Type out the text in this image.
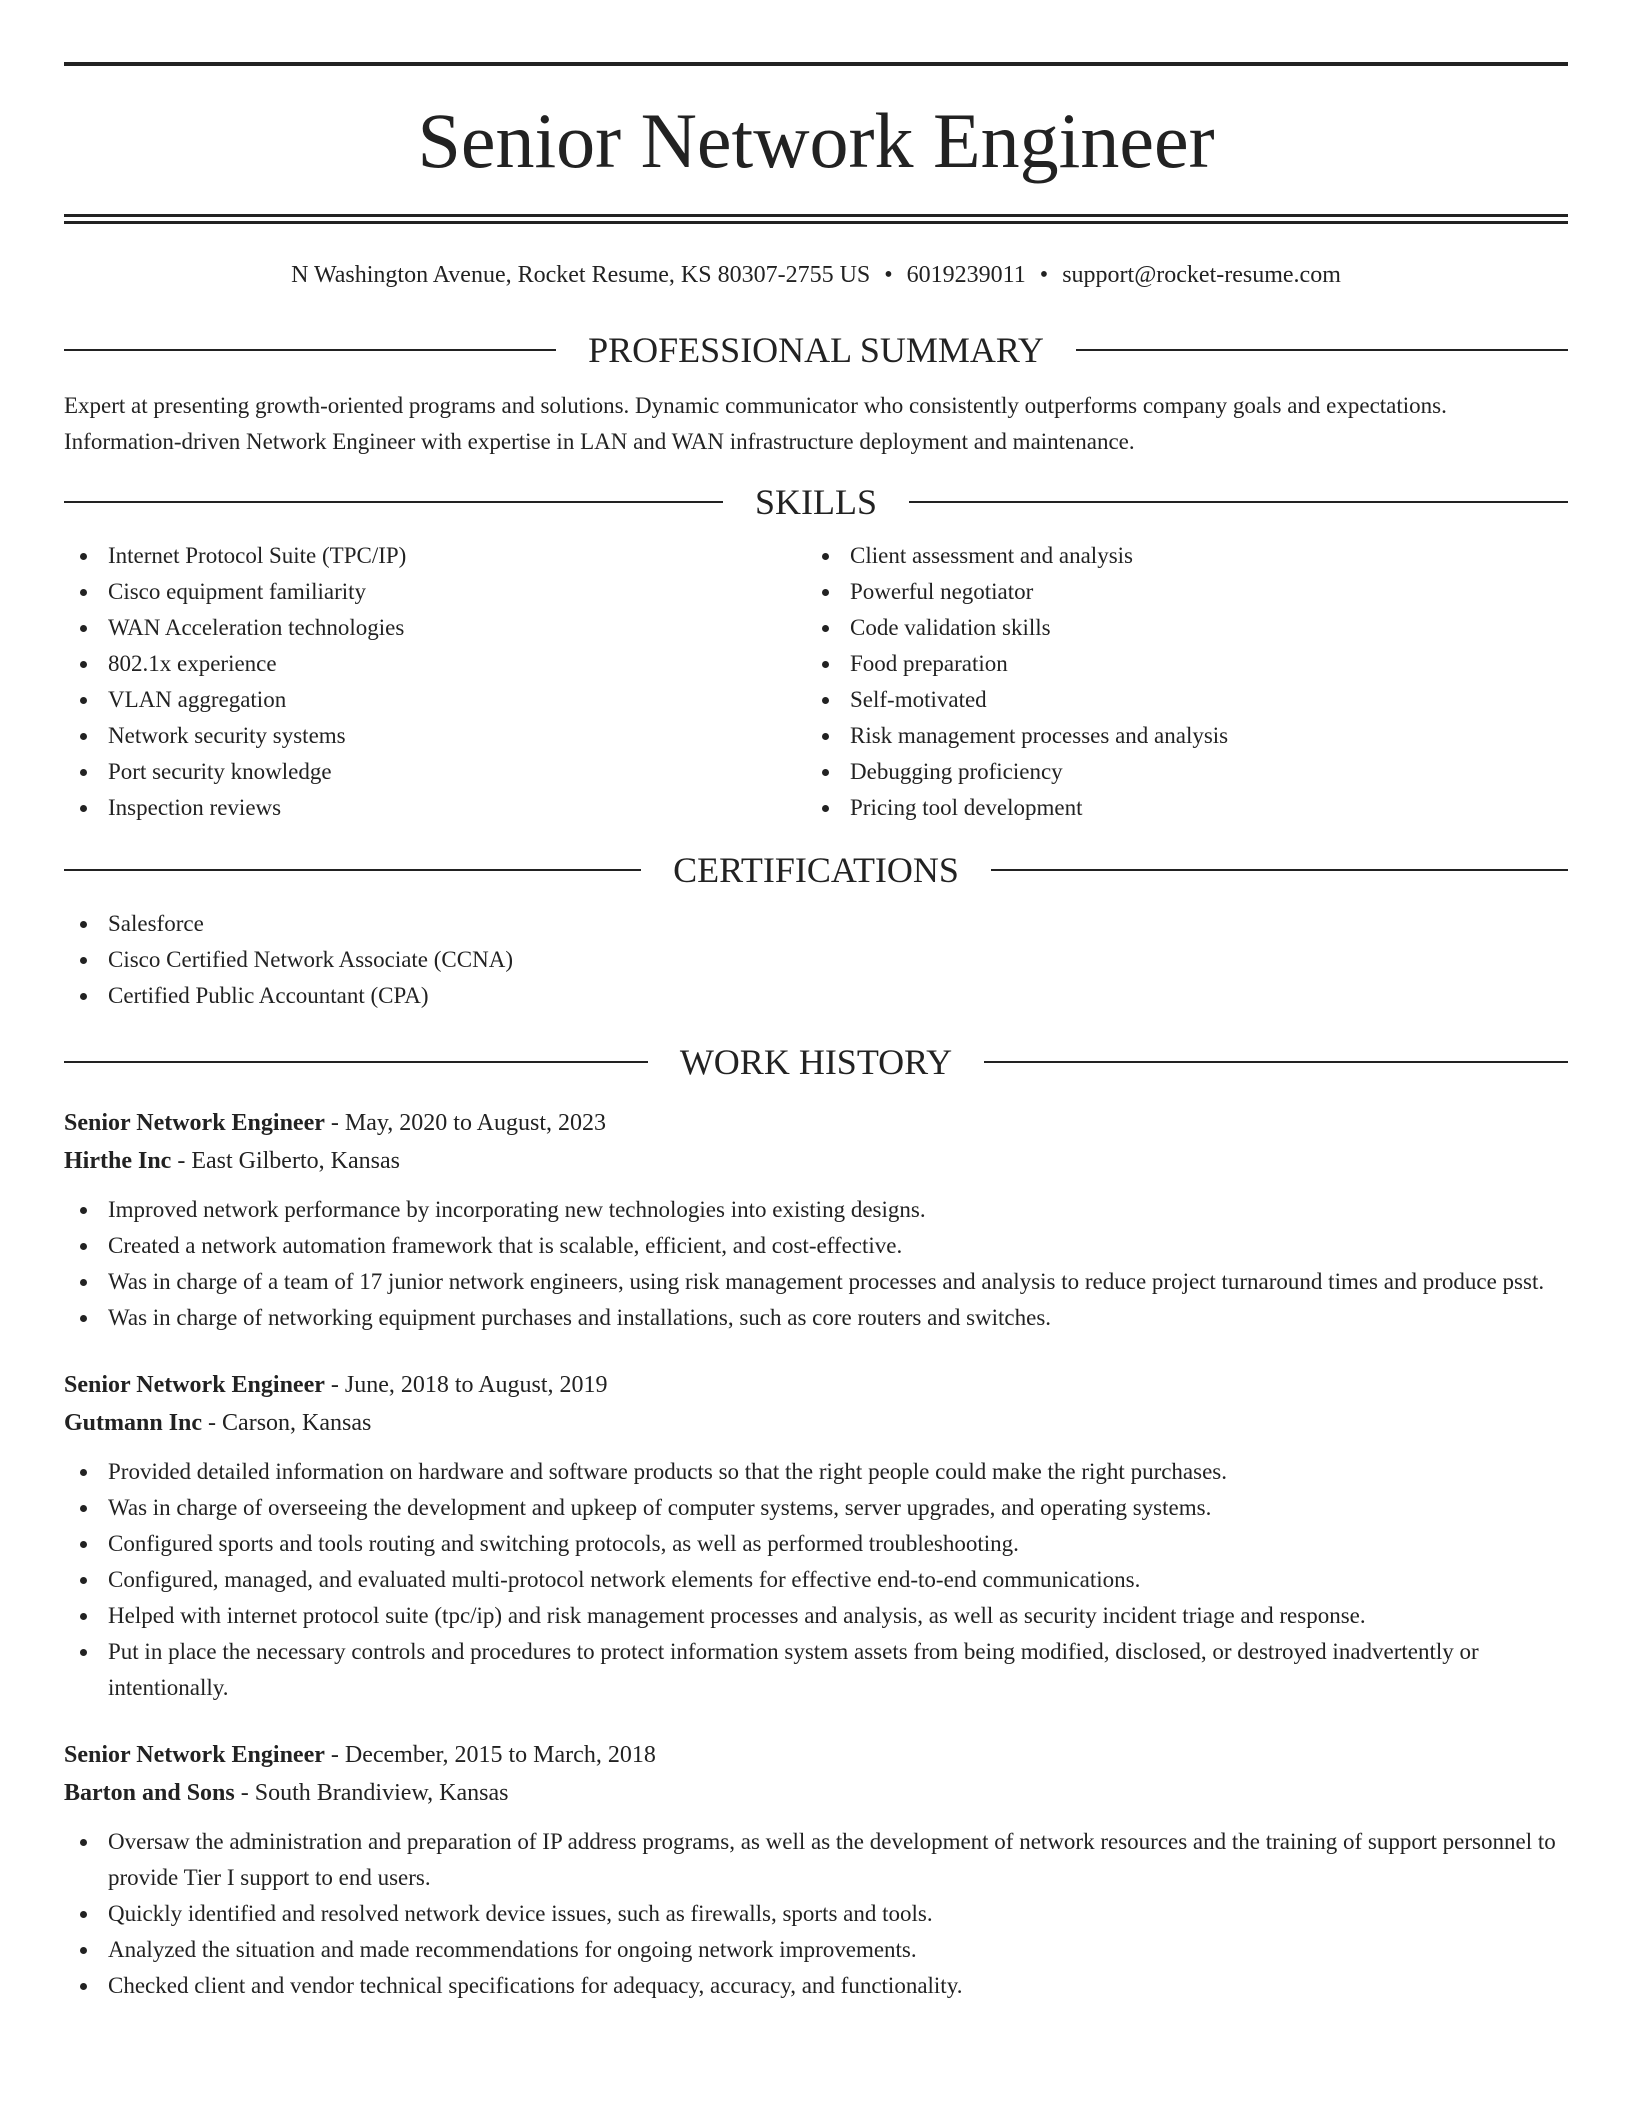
Senior Network Engineer
N Washington Avenue, Rocket Resume, KS 80307-2755 US • 6019239011 • support@rocket-resume.com
PROFESSIONAL SUMMARY
Expert at presenting growth-oriented programs and solutions. Dynamic communicator who consistently outperforms company goals and expectations. Information-driven Network Engineer with expertise in LAN and WAN infrastructure deployment and maintenance.
SKILLS
Internet Protocol Suite (TPC/IP)
Cisco equipment familiarity
WAN Acceleration technologies
802.1x experience
VLAN aggregation
Network security systems
Port security knowledge
Inspection reviews
Client assessment and analysis
Powerful negotiator
Code validation skills
Food preparation
Self-motivated
Risk management processes and analysis
Debugging proficiency
Pricing tool development
CERTIFICATIONS
Salesforce
Cisco Certified Network Associate (CCNA)
Certified Public Accountant (CPA)
WORK HISTORY
Senior Network Engineer - May, 2020 to August, 2023
Hirthe Inc - East Gilberto, Kansas
Improved network performance by incorporating new technologies into existing designs.
Created a network automation framework that is scalable, efficient, and cost-effective.
Was in charge of a team of 17 junior network engineers, using risk management processes and analysis to reduce project turnaround times and produce psst.
Was in charge of networking equipment purchases and installations, such as core routers and switches.
Senior Network Engineer - June, 2018 to August, 2019
Gutmann Inc - Carson, Kansas
Provided detailed information on hardware and software products so that the right people could make the right purchases.
Was in charge of overseeing the development and upkeep of computer systems, server upgrades, and operating systems.
Configured sports and tools routing and switching protocols, as well as performed troubleshooting.
Configured, managed, and evaluated multi-protocol network elements for effective end-to-end communications.
Helped with internet protocol suite (tpc/ip) and risk management processes and analysis, as well as security incident triage and response.
Put in place the necessary controls and procedures to protect information system assets from being modified, disclosed, or destroyed inadvertently or intentionally.
Senior Network Engineer - December, 2015 to March, 2018
Barton and Sons - South Brandiview, Kansas
Oversaw the administration and preparation of IP address programs, as well as the development of network resources and the training of support personnel to provide Tier I support to end users.
Quickly identified and resolved network device issues, such as firewalls, sports and tools.
Analyzed the situation and made recommendations for ongoing network improvements.
Checked client and vendor technical specifications for adequacy, accuracy, and functionality.
